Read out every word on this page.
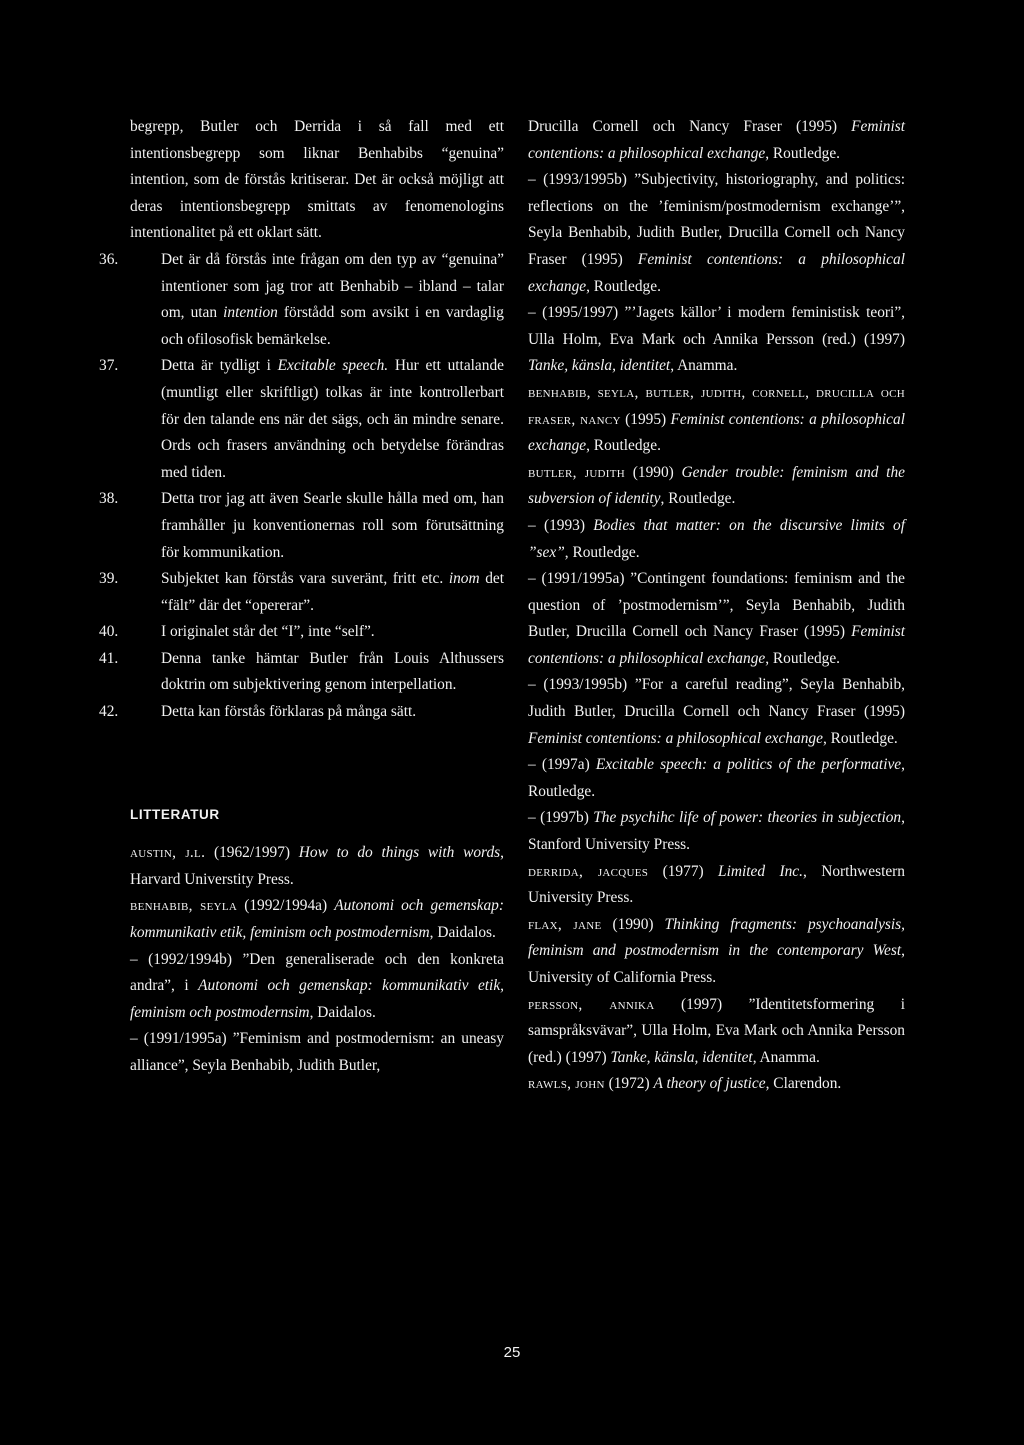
begrepp, Butler och Derrida i så fall med ett intentionsbegrepp som liknar Benhabibs “genuina” intention, som de förstås kritiserar. Det är också möjligt att deras intentionsbegrepp smittats av fenomenologins intentionalitet på ett oklart sätt.

36.	Det är då förstås inte frågan om den typ av “genuina” intentioner som jag tror att Benhabib – ibland – talar om, utan intention förstådd som avsikt i en vardaglig och ofilosofisk bemärkelse.

37.	Detta är tydligt i Excitable speech. Hur ett uttalande (muntligt eller skriftligt) tolkas är inte kontrollerbart för den talande ens när det sägs, och än mindre senare. Ords och frasers användning och betydelse förändras med tiden.

38.	Detta tror jag att även Searle skulle hålla med om, han framhåller ju konventionernas roll som förutsättning för kommunikation.

39.	Subjektet kan förstås vara suveränt, fritt etc. inom det “fält” där det “opererar”.

40.	I originalet står det “I”, inte “self”.

41.	Denna tanke hämtar Butler från Louis Althussers doktrin om subjektivering genom interpellation.

42.	Detta kan förstås förklaras på många sätt.

LITTERATUR

austin, j.l. (1962/1997) How to do things with words, Harvard Universtity Press.

benhabib, seyla (1992/1994a) Autonomi och gemenskap: kommunikativ etik, feminism och postmodernism, Daidalos.

– (1992/1994b) ”Den generaliserade och den konkreta andra”, i Autonomi och gemenskap: kommunikativ etik, feminism och postmodernsim, Daidalos.

– (1991/1995a) ”Feminism and postmodernism: an uneasy alliance”, Seyla Benhabib, Judith Butler,

Drucilla Cornell och Nancy Fraser (1995) Feminist contentions: a philosophical exchange, Routledge.

– (1993/1995b) ”Subjectivity, historiography, and politics: reflections on the ’feminism/postmodernism exchange’”, Seyla Benhabib, Judith Butler, Drucilla Cornell och Nancy Fraser (1995) Feminist contentions: a philosophical exchange, Routledge.

– (1995/1997) ”’Jagets källor’ i modern feministisk teori”, Ulla Holm, Eva Mark och Annika Persson (red.) (1997) Tanke, känsla, identitet, Anamma.

benhabib, seyla, butler, judith, cornell, drucilla och fraser, nancy (1995) Feminist contentions: a philosophical exchange, Routledge.

butler, judith (1990) Gender trouble: feminism and the subversion of identity, Routledge.

– (1993) Bodies that matter: on the discursive limits of ”sex”, Routledge.

– (1991/1995a) ”Contingent foundations: feminism and the question of ’postmodernism’”, Seyla Benhabib, Judith Butler, Drucilla Cornell och Nancy Fraser (1995) Feminist contentions: a philosophical exchange, Routledge.

– (1993/1995b) ”For a careful reading”, Seyla Benhabib, Judith Butler, Drucilla Cornell och Nancy Fraser (1995) Feminist contentions: a philosophical exchange, Routledge.

– (1997a) Excitable speech: a politics of the performative, Routledge.

– (1997b) The psychihc life of power: theories in subjection, Stanford University Press.

derrida, jacques (1977) Limited Inc., Northwestern University Press.

flax, jane (1990) Thinking fragments: psychoanalysis, feminism and postmodernism in the contemporary West, University of California Press.

persson, annika (1997) ”Identitetsformering i samspråksvävar”, Ulla Holm, Eva Mark och Annika Persson (red.) (1997) Tanke, känsla, identitet, Anamma.

rawls, john (1972) A theory of justice, Clarendon.

25
